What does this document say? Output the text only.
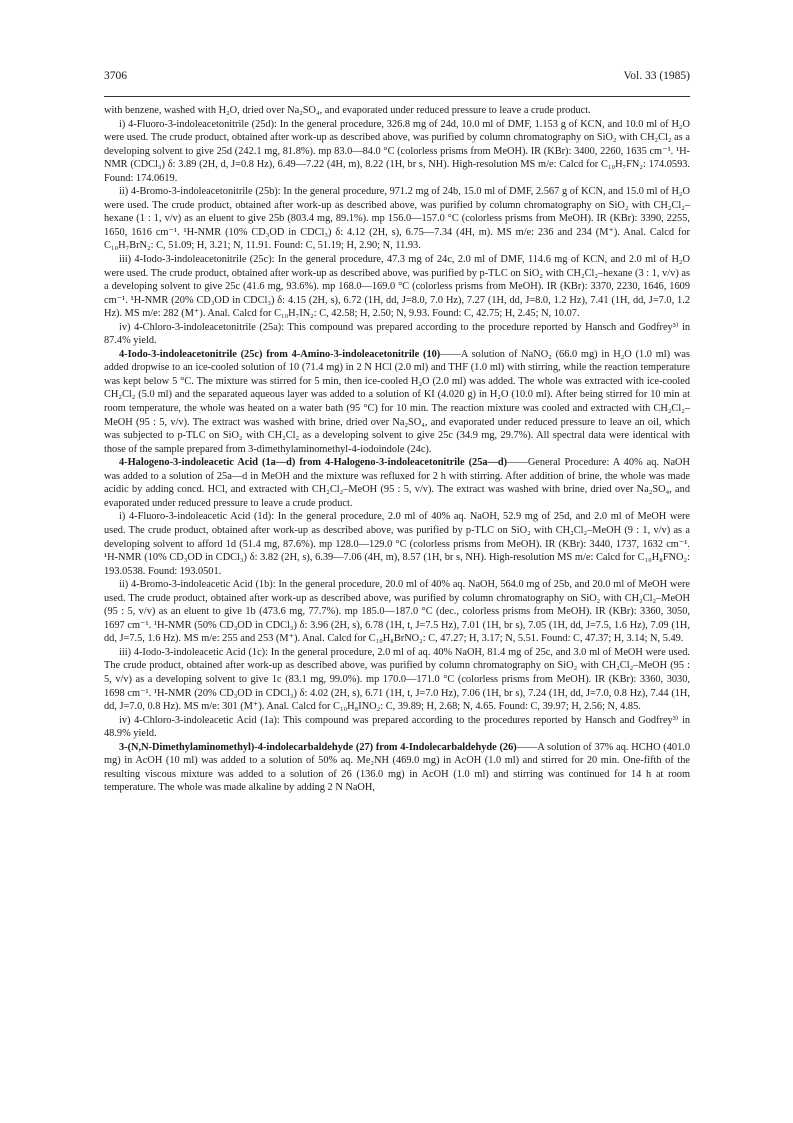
3706	Vol. 33 (1985)

with benzene, washed with H₂O, dried over Na₂SO₄, and evaporated under reduced pressure to leave a crude product.

i) 4-Fluoro-3-indoleacetonitrile (25d): In the general procedure, 326.8 mg of 24d, 10.0 ml of DMF, 1.153 g of KCN, and 10.0 ml of H₂O were used. The crude product, obtained after work-up as described above, was purified by column chromatography on SiO₂ with CH₂Cl₂ as a developing solvent to give 25d (242.1 mg, 81.8%). mp 83.0—84.0 °C (colorless prisms from MeOH). IR (KBr): 3400, 2260, 1635 cm⁻¹. ¹H-NMR (CDCl₃) δ: 3.89 (2H, d, J=0.8 Hz), 6.49—7.22 (4H, m), 8.22 (1H, br s, NH). High-resolution MS m/e: Calcd for C₁₀H₇FN₂: 174.0593. Found: 174.0619.

ii) 4-Bromo-3-indoleacetonitrile (25b): In the general procedure, 971.2 mg of 24b, 15.0 ml of DMF, 2.567 g of KCN, and 15.0 ml of H₂O were used. The crude product, obtained after work-up as described above, was purified by column chromatography on SiO₂ with CH₂Cl₂–hexane (1 : 1, v/v) as an eluent to give 25b (803.4 mg, 89.1%). mp 156.0—157.0 °C (colorless prisms from MeOH). IR (KBr): 3390, 2255, 1650, 1616 cm⁻¹. ¹H-NMR (10% CD₃OD in CDCl₃) δ: 4.12 (2H, s), 6.75—7.34 (4H, m). MS m/e: 236 and 234 (M⁺). Anal. Calcd for C₁₀H₇BrN₂: C, 51.09; H, 3.21; N, 11.91. Found: C, 51.19; H, 2.90; N, 11.93.

iii) 4-Iodo-3-indoleacetonitrile (25c): In the general procedure, 47.3 mg of 24c, 2.0 ml of DMF, 114.6 mg of KCN, and 2.0 ml of H₂O were used. The crude product, obtained after work-up as described above, was purified by p-TLC on SiO₂ with CH₂Cl₂–hexane (3 : 1, v/v) as a developing solvent to give 25c (41.6 mg, 93.6%). mp 168.0—169.0 °C (colorless prisms from MeOH). IR (KBr): 3370, 2230, 1646, 1609 cm⁻¹. ¹H-NMR (20% CD₃OD in CDCl₃) δ: 4.15 (2H, s), 6.72 (1H, dd, J=8.0, 7.0 Hz), 7.27 (1H, dd, J=8.0, 1.2 Hz), 7.41 (1H, dd, J=7.0, 1.2 Hz). MS m/e: 282 (M⁺). Anal. Calcd for C₁₀H₇IN₂: C, 42.58; H, 2.50; N, 9.93. Found: C, 42.75; H, 2.45; N, 10.07.

iv) 4-Chloro-3-indoleacetonitrile (25a): This compound was prepared according to the procedure reported by Hansch and Godfrey³⁾ in 87.4% yield.

4-Iodo-3-indoleacetonitrile (25c) from 4-Amino-3-indoleacetonitrile (10)——A solution of NaNO₂ (66.0 mg) in H₂O (1.0 ml) was added dropwise to an ice-cooled solution of 10 (71.4 mg) in 2 N HCl (2.0 ml) and THF (1.0 ml) with stirring, while the reaction temperature was kept below 5 °C. The mixture was stirred for 5 min, then ice-cooled H₂O (2.0 ml) was added. The whole was extracted with ice-cooled CH₂Cl₂ (5.0 ml) and the separated aqueous layer was added to a solution of KI (4.020 g) in H₂O (10.0 ml). After being stirred for 10 min at room temperature, the whole was heated on a water bath (95 °C) for 10 min. The reaction mixture was cooled and extracted with CH₂Cl₂–MeOH (95 : 5, v/v). The extract was washed with brine, dried over Na₂SO₄, and evaporated under reduced pressure to leave an oil, which was subjected to p-TLC on SiO₂ with CH₂Cl₂ as a developing solvent to give 25c (34.9 mg, 29.7%). All spectral data were identical with those of the sample prepared from 3-dimethylaminomethyl-4-iodoindole (24c).

4-Halogeno-3-indoleacetic Acid (1a—d) from 4-Halogeno-3-indoleacetonitrile (25a—d)——General Procedure: A 40% aq. NaOH was added to a solution of 25a—d in MeOH and the mixture was refluxed for 2 h with stirring. After addition of brine, the whole was made acidic by adding concd. HCl, and extracted with CH₂Cl₂–MeOH (95 : 5, v/v). The extract was washed with brine, dried over Na₂SO₄, and evaporated under reduced pressure to leave a crude product.

i) 4-Fluoro-3-indoleacetic Acid (1d): In the general procedure, 2.0 ml of 40% aq. NaOH, 52.9 mg of 25d, and 2.0 ml of MeOH were used. The crude product, obtained after work-up as described above, was purified by p-TLC on SiO₂ with CH₂Cl₂–MeOH (9 : 1, v/v) as a developing solvent to afford 1d (51.4 mg, 87.6%). mp 128.0—129.0 °C (colorless prisms from MeOH). IR (KBr): 3440, 1737, 1632 cm⁻¹. ¹H-NMR (10% CD₃OD in CDCl₃) δ: 3.82 (2H, s), 6.39—7.06 (4H, m), 8.57 (1H, br s, NH). High-resolution MS m/e: Calcd for C₁₀H₈FNO₂: 193.0538. Found: 193.0501.

ii) 4-Bromo-3-indoleacetic Acid (1b): In the general procedure, 20.0 ml of 40% aq. NaOH, 564.0 mg of 25b, and 20.0 ml of MeOH were used. The crude product, obtained after work-up as described above, was purified by column chromatography on SiO₂ with CH₂Cl₂–MeOH (95 : 5, v/v) as an eluent to give 1b (473.6 mg, 77.7%). mp 185.0—187.0 °C (dec., colorless prisms from MeOH). IR (KBr): 3360, 3050, 1697 cm⁻¹. ¹H-NMR (50% CD₃OD in CDCl₃) δ: 3.96 (2H, s), 6.78 (1H, t, J=7.5 Hz), 7.01 (1H, br s), 7.05 (1H, dd, J=7.5, 1.6 Hz), 7.09 (1H, dd, J=7.5, 1.6 Hz). MS m/e: 255 and 253 (M⁺). Anal. Calcd for C₁₀H₈BrNO₂: C, 47.27; H, 3.17; N, 5.51. Found: C, 47.37; H, 3.14; N, 5.49.

iii) 4-Iodo-3-indoleacetic Acid (1c): In the general procedure, 2.0 ml of aq. 40% NaOH, 81.4 mg of 25c, and 3.0 ml of MeOH were used. The crude product, obtained after work-up as described above, was purified by column chromatography on SiO₂ with CH₂Cl₂–MeOH (95 : 5, v/v) as a developing solvent to give 1c (83.1 mg, 99.0%). mp 170.0—171.0 °C (colorless prisms from MeOH). IR (KBr): 3360, 3030, 1698 cm⁻¹. ¹H-NMR (20% CD₃OD in CDCl₃) δ: 4.02 (2H, s), 6.71 (1H, t, J=7.0 Hz), 7.06 (1H, br s), 7.24 (1H, dd, J=7.0, 0.8 Hz), 7.44 (1H, dd, J=7.0, 0.8 Hz). MS m/e: 301 (M⁺). Anal. Calcd for C₁₀H₈INO₂: C, 39.89; H, 2.68; N, 4.65. Found: C, 39.97; H, 2.56; N, 4.85.

iv) 4-Chloro-3-indoleacetic Acid (1a): This compound was prepared according to the procedures reported by Hansch and Godfrey³⁾ in 48.9% yield.

3-(N,N-Dimethylaminomethyl)-4-indolecarbaldehyde (27) from 4-Indolecarbaldehyde (26)——A solution of 37% aq. HCHO (401.0 mg) in AcOH (10 ml) was added to a solution of 50% aq. Me₂NH (469.0 mg) in AcOH (1.0 ml) and stirred for 20 min. One-fifth of the resulting viscous mixture was added to a solution of 26 (136.0 mg) in AcOH (1.0 ml) and stirring was continued for 14 h at room temperature. The whole was made alkaline by adding 2 N NaOH,
